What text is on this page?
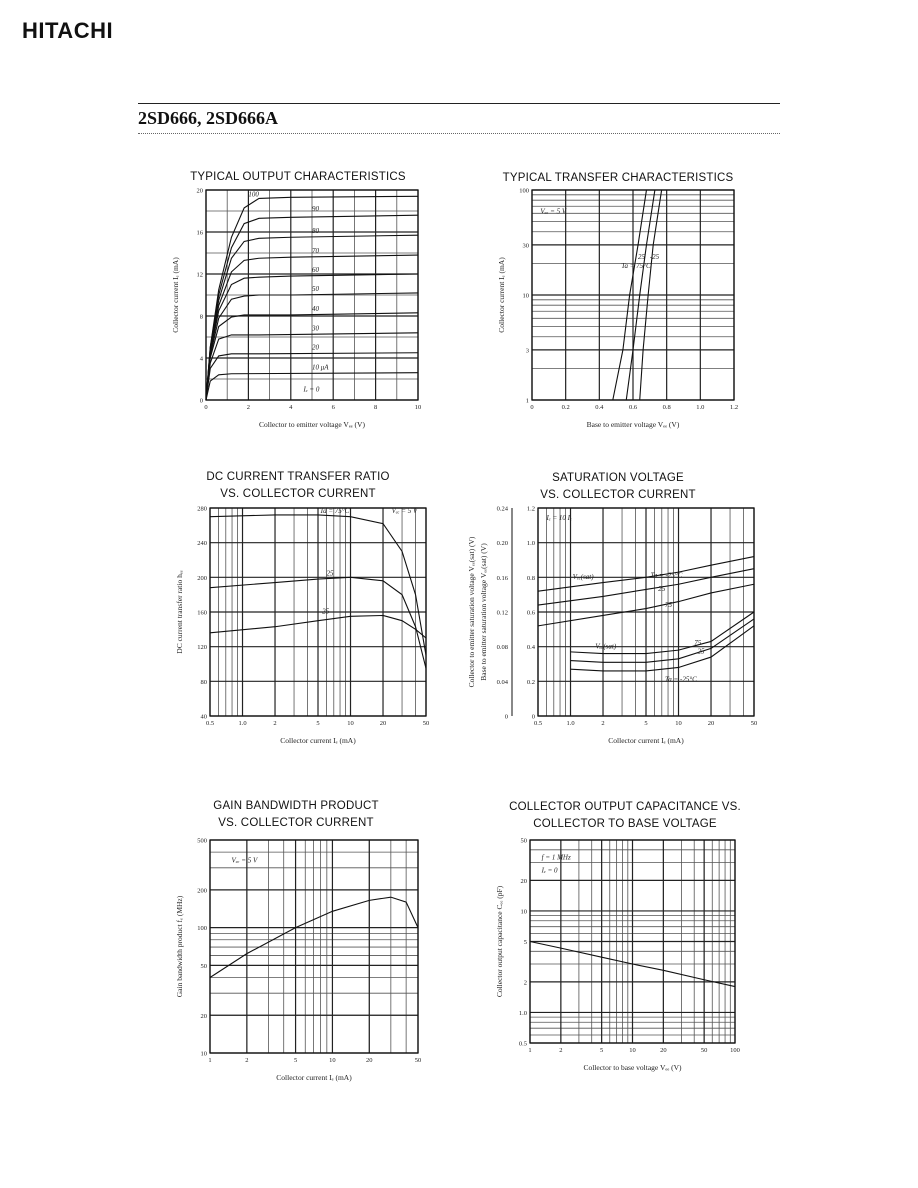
HITACHI
2SD666, 2SD666A
TYPICAL OUTPUT CHARACTERISTICS	TYPICAL TRANSFER CHARACTERISTICS
DC CURRENT TRANSFER RATIO
VS. COLLECTOR CURRENT
SATURATION VOLTAGE
VS. COLLECTOR CURRENT
GAIN BANDWIDTH PRODUCT
VS. COLLECTOR CURRENT
COLLECTOR OUTPUT CAPACITANCE VS.
COLLECTOR TO BASE VOLTAGE
0	2	4	6	8	10
0
4
8
12
16
20
Collector to emitter voltage Vₑₑ (V)
Collector current Iₑ (mA)
100
90
80
70
60
50
40
30
20
10 μA
Iₑ = 0
0	0.2	0.4	0.6	0.8	1.0	1.2
1
3
10
30
100
Base to emitter voltage Vₑₑ (V)
Collector current Iₑ (mA)
Vₑₑ = 5 V
Ta = 75°C
25 -25
0.5	1.0	2	5	10	20	50
40
80
120
160
200
240
280
Collector current Iₑ (mA)
DC current transfer ratio hₑₑ
Ta = 75°C	Vₑₑ = 5 V
25
-25
0.5	1.0	2	5	10	20	50
0
0.2
0.4
0.6
0.8
1.0
1.2
0
0.04
0.08
0.12
0.16
0.20
0.24
Collector current Iₑ (mA)
Collector to emitter saturation voltage Vₑₑ(sat) (V) Base to emitter saturation voltage Vₑₑ(sat) (V)
Iₑ = 10 Iₑ
Vₑₑ(sat)	Ta = -25°C
25
75
Vₑₑ(sat)	75
25
Ta = -25°C
1	2	5	10	20	50
10
20
50
100
200
500
Collector current Iₑ (mA)
Gain bandwidth product fₑ (MHz)
Vₑₑ = 5 V
1	2	5	10	20	50	100
0.5
1.0
2
5
10
20
50
Collector to base voltage Vₑₑ (V)
Collector output capacitance Cₑₑ (pF)
f = 1 MHz
Iₑ = 0
